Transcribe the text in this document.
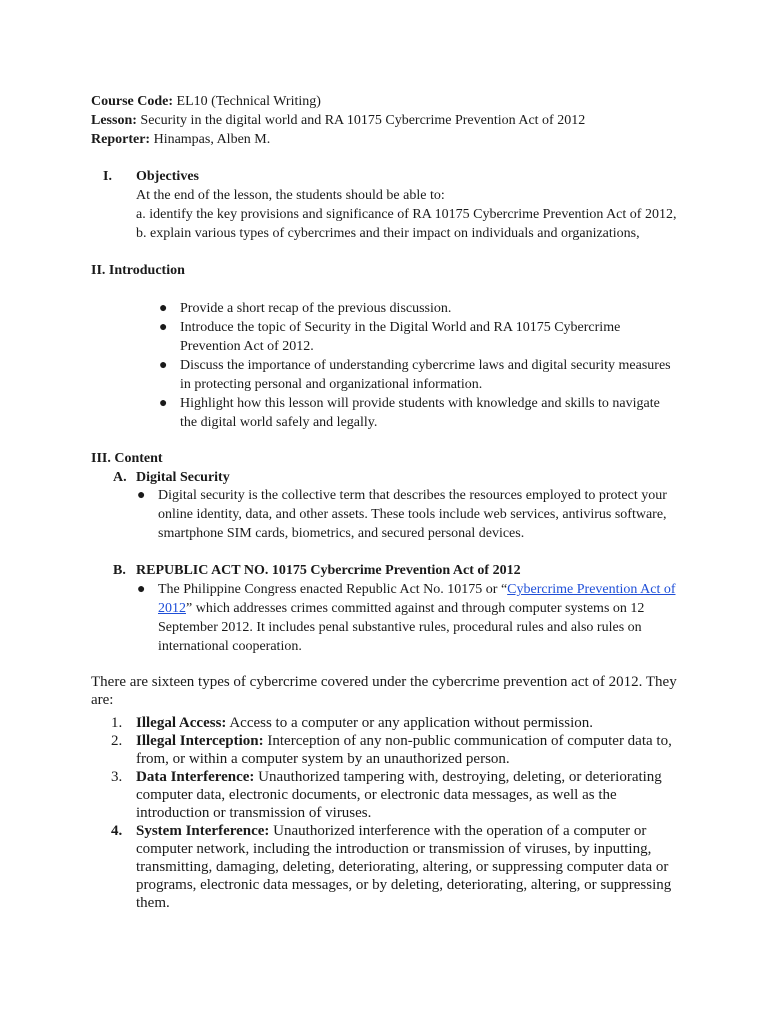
Course Code: EL10 (Technical Writing)
Lesson: Security in the digital world and RA 10175 Cybercrime Prevention Act of 2012
Reporter: Hinampas, Alben M.
I. Objectives
At the end of the lesson, the students should be able to:
a. identify the key provisions and significance of RA 10175 Cybercrime Prevention Act of 2012,
b. explain various types of cybercrimes and their impact on individuals and organizations,
II. Introduction
● Provide a short recap of the previous discussion.
● Introduce the topic of Security in the Digital World and RA 10175 Cybercrime Prevention Act of 2012.
● Discuss the importance of understanding cybercrime laws and digital security measures in protecting personal and organizational information.
● Highlight how this lesson will provide students with knowledge and skills to navigate the digital world safely and legally.
III. Content
A. Digital Security
● Digital security is the collective term that describes the resources employed to protect your online identity, data, and other assets. These tools include web services, antivirus software, smartphone SIM cards, biometrics, and secured personal devices.
B. REPUBLIC ACT NO. 10175 Cybercrime Prevention Act of 2012
● The Philippine Congress enacted Republic Act No. 10175 or “Cybercrime Prevention Act of 2012” which addresses crimes committed against and through computer systems on 12 September 2012. It includes penal substantive rules, procedural rules and also rules on international cooperation.
There are sixteen types of cybercrime covered under the cybercrime prevention act of 2012. They are:
1. Illegal Access: Access to a computer or any application without permission.
2. Illegal Interception: Interception of any non-public communication of computer data to, from, or within a computer system by an unauthorized person.
3. Data Interference: Unauthorized tampering with, destroying, deleting, or deteriorating computer data, electronic documents, or electronic data messages, as well as the introduction or transmission of viruses.
4. System Interference: Unauthorized interference with the operation of a computer or computer network, including the introduction or transmission of viruses, by inputting, transmitting, damaging, deleting, deteriorating, altering, or suppressing computer data or programs, electronic data messages, or by deleting, deteriorating, altering, or suppressing them.
